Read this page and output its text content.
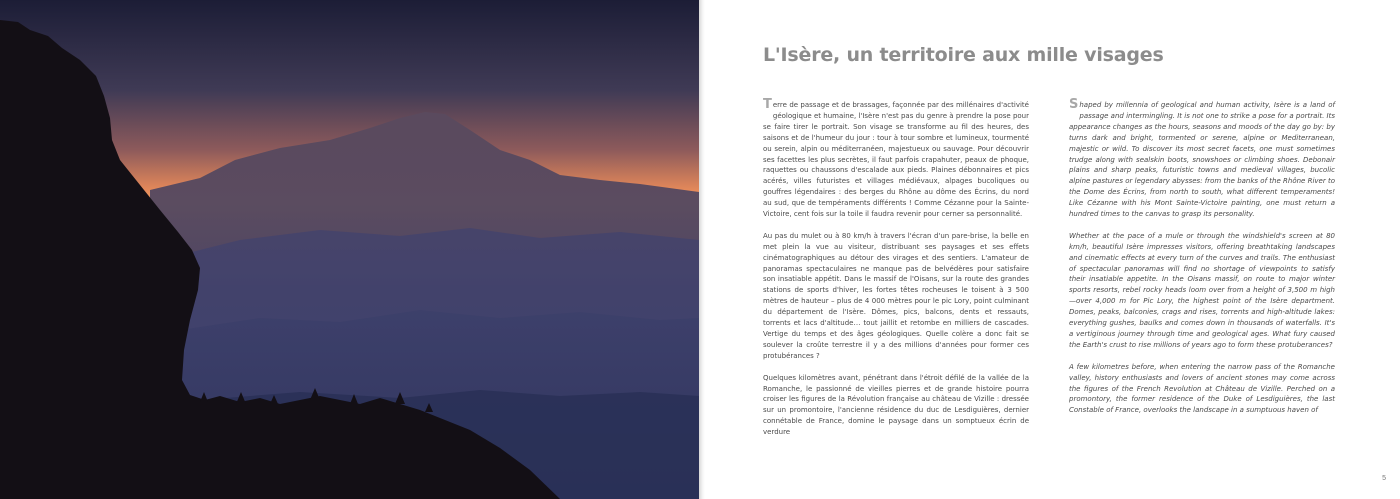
L'Isère, un territoire aux mille visages

Terre de passage et de brassages, façonnée par des millénaires d'activité géologique et humaine, l'Isère n'est pas du genre à prendre la pose pour se faire tirer le portrait. Son visage se transforme au fil des heures, des saisons et de l'humeur du jour : tour à tour sombre et lumineux, tourmenté ou serein, alpin ou méditerranéen, majestueux ou sauvage. Pour découvrir ses facettes les plus secrètes, il faut parfois crapahuter, peaux de phoque, raquettes ou chaussons d'escalade aux pieds. Plaines débonnaires et pics acérés, villes futuristes et villages médiévaux, alpages bucoliques ou gouffres légendaires : des berges du Rhône au dôme des Écrins, du nord au sud, que de tempéraments différents ! Comme Cézanne pour la Sainte-Victoire, cent fois sur la toile il faudra revenir pour cerner sa personnalité.

Au pas du mulet ou à 80 km/h à travers l'écran d'un pare-brise, la belle en met plein la vue au visiteur, distribuant ses paysages et ses effets cinématographiques au détour des virages et des sentiers. L'amateur de panoramas spectaculaires ne manque pas de belvédères pour satisfaire son insatiable appétit. Dans le massif de l'Oisans, sur la route des grandes stations de sports d'hiver, les fortes têtes rocheuses le toisent à 3 500 mètres de hauteur – plus de 4 000 mètres pour le pic Lory, point culminant du département de l'Isère. Dômes, pics, balcons, dents et ressauts, torrents et lacs d'altitude… tout jaillit et retombe en milliers de cascades. Vertige du temps et des âges géologiques. Quelle colère a donc fait se soulever la croûte terrestre il y a des millions d'années pour former ces protubérances ?

Quelques kilomètres avant, pénétrant dans l'étroit défilé de la vallée de la Romanche, le passionné de vieilles pierres et de grande histoire pourra croiser les figures de la Révolution française au château de Vizille : dressée sur un promontoire, l'ancienne résidence du duc de Lesdiguières, dernier connétable de France, domine le paysage dans un somptueux écrin de verdure

Shaped by millennia of geological and human activity, Isère is a land of passage and intermingling. It is not one to strike a pose for a portrait. Its appearance changes as the hours, seasons and moods of the day go by: by turns dark and bright, tormented or serene, alpine or Mediterranean, majestic or wild. To discover its most secret facets, one must sometimes trudge along with sealskin boots, snowshoes or climbing shoes. Debonair plains and sharp peaks, futuristic towns and medieval villages, bucolic alpine pastures or legendary abysses: from the banks of the Rhône River to the Dome des Écrins, from north to south, what different temperaments! Like Cézanne with his Mont Sainte-Victoire painting, one must return a hundred times to the canvas to grasp its personality.

Whether at the pace of a mule or through the windshield's screen at 80 km/h, beautiful Isère impresses visitors, offering breathtaking landscapes and cinematic effects at every turn of the curves and trails. The enthusiast of spectacular panoramas will find no shortage of viewpoints to satisfy their insatiable appetite. In the Oisans massif, on route to major winter sports resorts, rebel rocky heads loom over from a height of 3,500 m high —over 4,000 m for Pic Lory, the highest point of the Isère department. Domes, peaks, balconies, crags and rises, torrents and high-altitude lakes: everything gushes, baulks and comes down in thousands of waterfalls. It's a vertiginous journey through time and geological ages. What fury caused the Earth's crust to rise millions of years ago to form these protuberances?

A few kilometres before, when entering the narrow pass of the Romanche valley, history enthusiasts and lovers of ancient stones may come across the figures of the French Revolution at Château de Vizille. Perched on a promontory, the former residence of the Duke of Lesdiguières, the last Constable of France, overlooks the landscape in a sumptuous haven of

5
